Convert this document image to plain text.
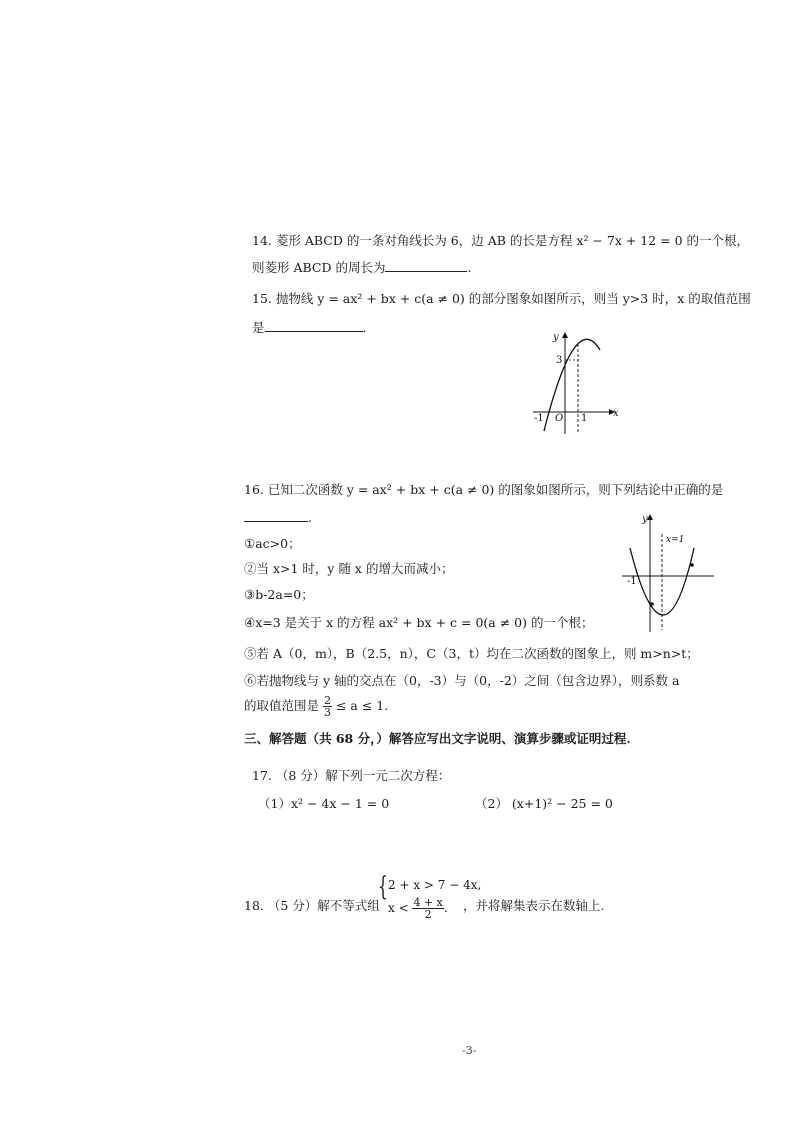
14. 菱形 ABCD 的一条对角线长为 6，边 AB 的长是方程 x² − 7x + 12 = 0 的一个根，
则菱形 ABCD 的周长为	.
15. 抛物线 y = ax² + bx + c(a ≠ 0) 的部分图象如图所示，则当 y>3 时，x 的取值范围
是	.
y
x
3
-1 O 1
16. 已知二次函数 y = ax² + bx + c(a ≠ 0) 的图象如图所示，则下列结论中正确的是
.
①ac>0；
②当 x>1 时，y 随 x 的增大而减小；
③b-2a=0；
④x=3 是关于 x 的方程 ax² + bx + c = 0(a ≠ 0) 的一个根；
⑤若 A（0，m），B（2.5，n），C（3，t）均在二次函数的图象上，则 m>n>t；
⑥若抛物线与 y 轴的交点在（0，-3）与（0，-2）之间（包含边界），则系数 a
的取值范围是 $\frac{2}{3} \le a \le 1$.
y
x=1
-1
三、解答题（共 68 分，）解答应写出文字说明、演算步骤或证明过程.
17. （8 分）解下列一元二次方程：
（1）x² − 4x − 1 = 0	（2） (x+1)² − 25 = 0
18. （5 分）解不等式组
{ 2 + x > 7 − 4x,
$x < \frac{4 + x}{2}$ . ，并将解集表示在数轴上.
-3-
